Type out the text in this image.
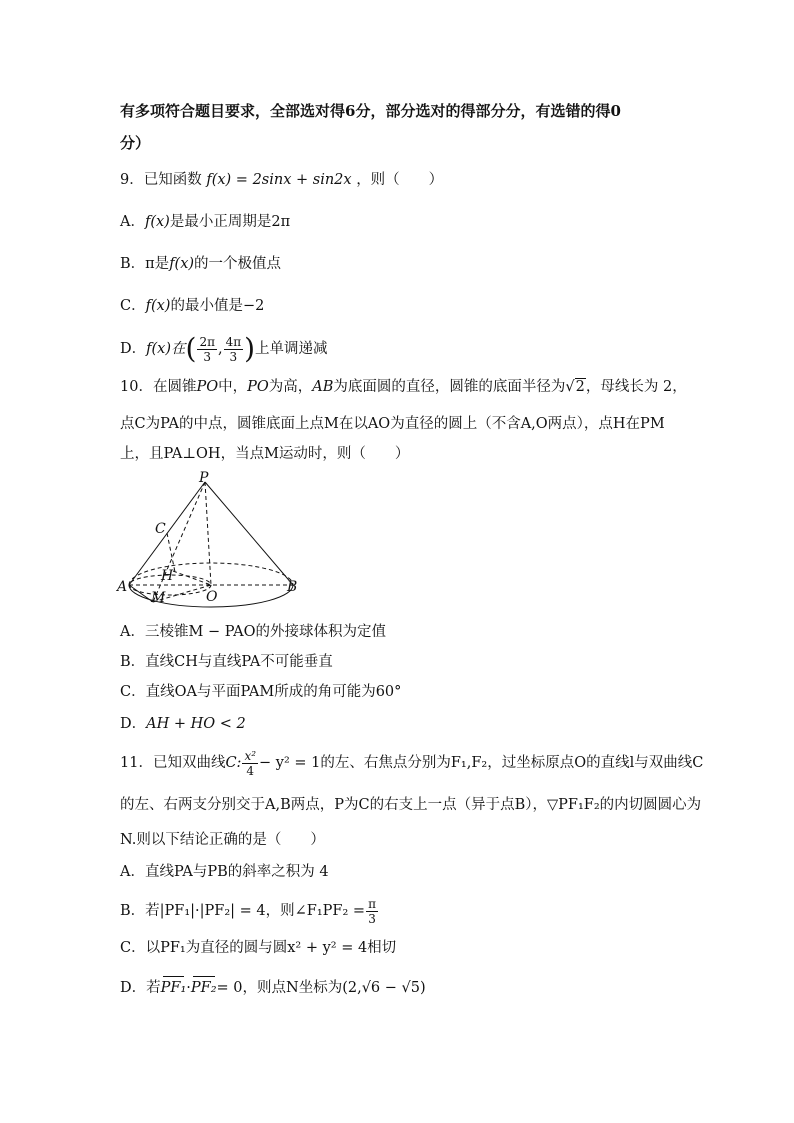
有多项符合题目要求，全部选对得6分，部分选对的得部分分，有选错的得0
分）
9．已知函数 f(x) = 2sinx + sin2x ，则（　　）
A．f(x)是最小正周期是2π
B．π是f(x)的一个极值点
C．f(x)的最小值是−2
D．f(x)在( $\frac{2\pi}{3}$ , $\frac{4\pi}{3}$ )上单调递减
10．在圆锥PO中，PO为高，AB为底面圆的直径，圆锥的底面半径为√2，母线长为 2，
点C为PA的中点，圆锥底面上点M在以AO为直径的圆上（不含A,O两点），点H在PM
上，且PA⊥OH，当点M运动时，则（　　）
P
C
H
A
M	O
B
A．三棱锥M − PAO的外接球体积为定值
B．直线CH与直线PA不可能垂直
C．直线OA与平面PAM所成的角可能为60°
D．AH + HO < 2
11．已知双曲线C: $\frac{\text{x²}}{4} - y^2 = 1$的左、右焦点分别为F₁,F₂，过坐标原点O的直线l与双曲线C
的左、右两支分别交于A,B两点，P为C的右支上一点（异于点B），▽PF₁F₂的内切圆圆心为
N.则以下结论正确的是（　　）
A．直线PA与PB的斜率之积为 4
B．若|PF₁|·|PF₂| = 4，则∠F₁PF₂ = $\frac{\pi}{3}$
C．以PF₁为直径的圆与圆x² + y² = 4相切
D．若PF₁·PF₂= 0，则点N坐标为(2,√6 − √5)
